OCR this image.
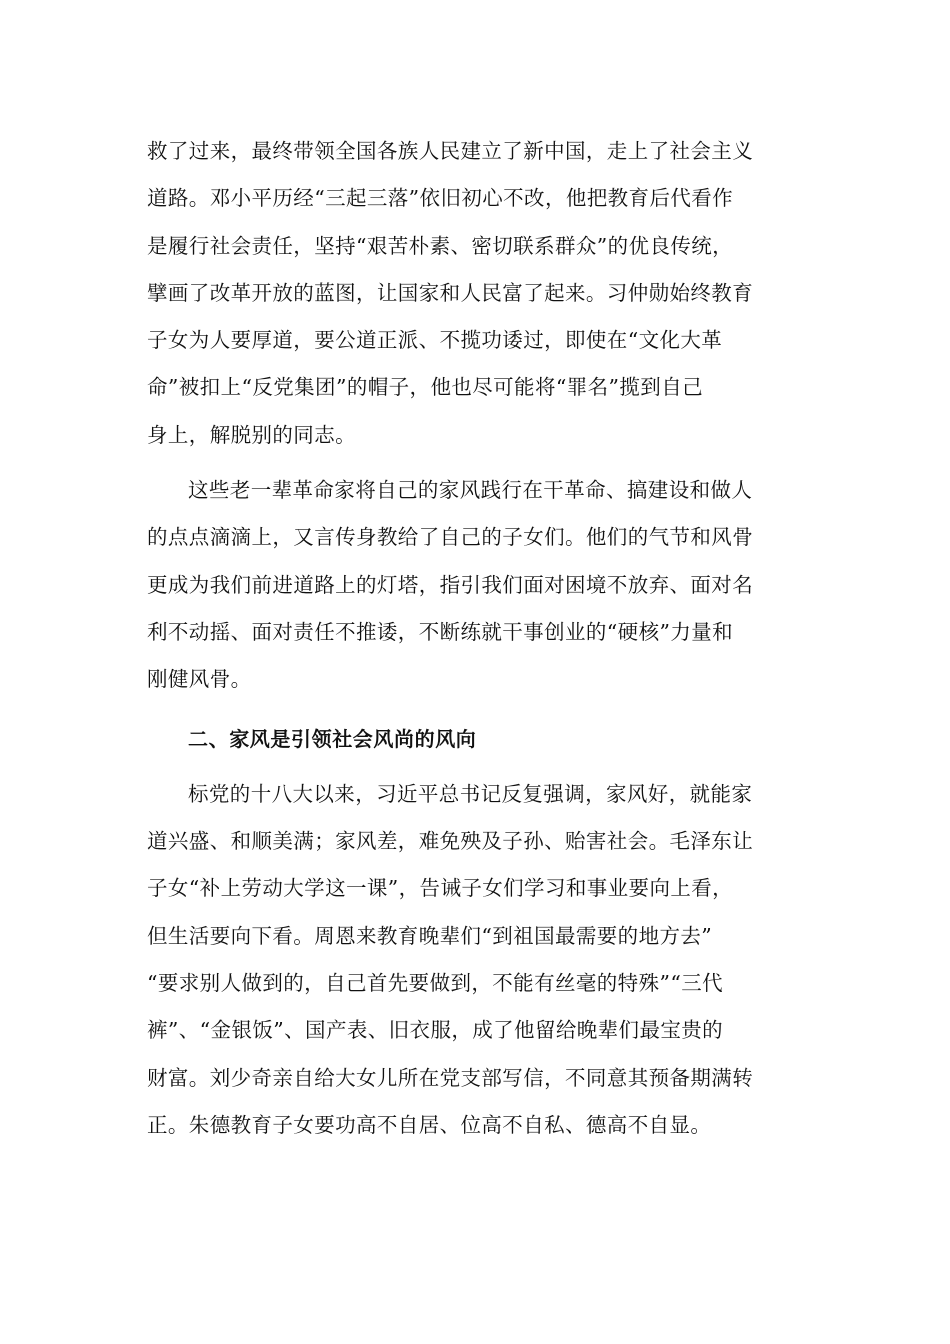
救了过来，最终带领全国各族人民建立了新中国，走上了社会主义
道路。邓小平历经“三起三落”依旧初心不改，他把教育后代看作
是履行社会责任，坚持“艰苦朴素、密切联系群众”的优良传统，
擘画了改革开放的蓝图，让国家和人民富了起来。习仲勋始终教育
子女为人要厚道，要公道正派、不揽功诿过，即使在“文化大革
命”被扣上“反党集团”的帽子，他也尽可能将“罪名”揽到自己
身上，解脱别的同志。
这些老一辈革命家将自己的家风践行在干革命、搞建设和做人
的点点滴滴上，又言传身教给了自己的子女们。他们的气节和风骨
更成为我们前进道路上的灯塔，指引我们面对困境不放弃、面对名
利不动摇、面对责任不推诿，不断练就干事创业的“硬核”力量和
刚健风骨。
二、家风是引领社会风尚的风向
标党的十八大以来，习近平总书记反复强调，家风好，就能家
道兴盛、和顺美满；家风差，难免殃及子孙、贻害社会。毛泽东让
子女“补上劳动大学这一课”，告诫子女们学习和事业要向上看，
但生活要向下看。周恩来教育晚辈们“到祖国最需要的地方去”
“要求别人做到的，自己首先要做到，不能有丝毫的特殊”“三代
裤”、“金银饭”、国产表、旧衣服，成了他留给晚辈们最宝贵的
财富。刘少奇亲自给大女儿所在党支部写信，不同意其预备期满转
正。朱德教育子女要功高不自居、位高不自私、德高不自显。
